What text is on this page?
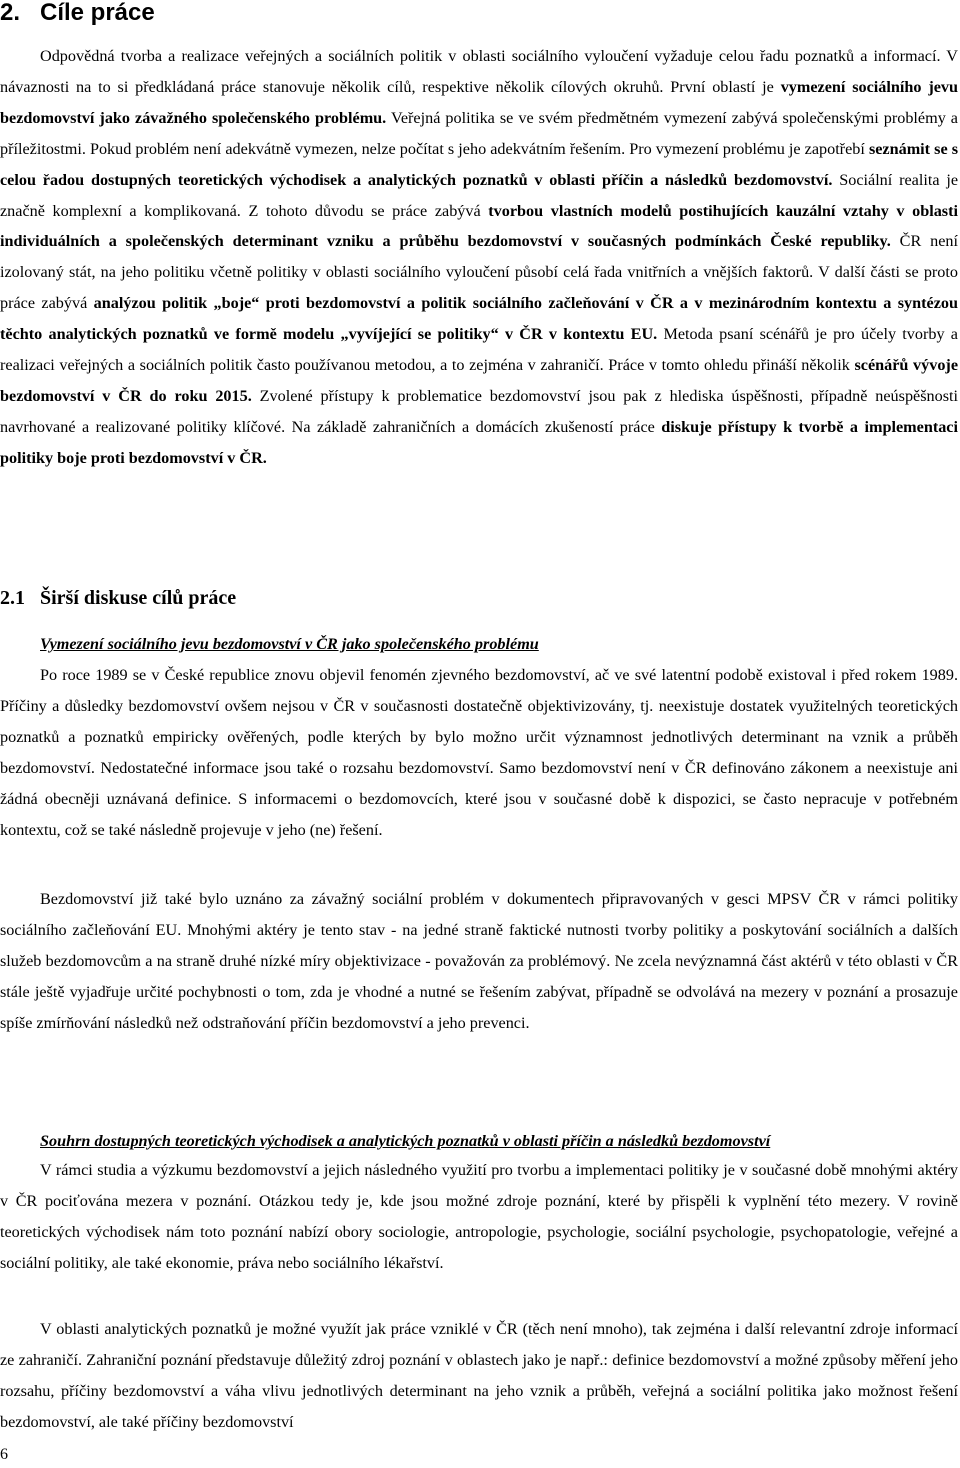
2. Cíle práce

Odpovědná tvorba a realizace veřejných a sociálních politik v oblasti sociálního vyloučení vyžaduje celou řadu poznatků a informací. V návaznosti na to si předkládaná práce stanovuje několik cílů, respektive několik cílových okruhů. První oblastí je vymezení sociálního jevu bezdomovství jako závažného společenského problému. Veřejná politika se ve svém předmětném vymezení zabývá společenskými problémy a příležitostmi. Pokud problém není adekvátně vymezen, nelze počítat s jeho adekvátním řešením. Pro vymezení problému je zapotřebí seznámit se s celou řadou dostupných teoretických východisek a analytických poznatků v oblasti příčin a následků bezdomovství. Sociální realita je značně komplexní a komplikovaná. Z tohoto důvodu se práce zabývá tvorbou vlastních modelů postihujících kauzální vztahy v oblasti individuálních a společenských determinant vzniku a průběhu bezdomovství v současných podmínkách České republiky. ČR není izolovaný stát, na jeho politiku včetně politiky v oblasti sociálního vyloučení působí celá řada vnitřních a vnějších faktorů. V další části se proto práce zabývá analýzou politik „boje“ proti bezdomovství a politik sociálního začleňování v ČR a v mezinárodním kontextu a syntézou těchto analytických poznatků ve formě modelu „vyvíjející se politiky“ v ČR v kontextu EU. Metoda psaní scénářů je pro účely tvorby a realizaci veřejných a sociálních politik často používanou metodou, a to zejména v zahraničí. Práce v tomto ohledu přináší několik scénářů vývoje bezdomovství v ČR do roku 2015. Zvolené přístupy k problematice bezdomovství jsou pak z hlediska úspěšnosti, případně neúspěšnosti navrhované a realizované politiky klíčové. Na základě zahraničních a domácích zkušeností práce diskuje přístupy k tvorbě a implementaci politiky boje proti bezdomovství v ČR.

2.1 Širší diskuse cílů práce

Vymezení sociálního jevu bezdomovství v ČR jako společenského problému

Po roce 1989 se v České republice znovu objevil fenomén zjevného bezdomovství, ač ve své latentní podobě existoval i před rokem 1989. Příčiny a důsledky bezdomovství ovšem nejsou v ČR v současnosti dostatečně objektivizovány, tj. neexistuje dostatek využitelných teoretických poznatků a poznatků empiricky ověřených, podle kterých by bylo možno určit významnost jednotlivých determinant na vznik a průběh bezdomovství. Nedostatečné informace jsou také o rozsahu bezdomovství. Samo bezdomovství není v ČR definováno zákonem a neexistuje ani žádná obecněji uznávaná definice. S informacemi o bezdomovcích, které jsou v současné době k dispozici, se často nepracuje v potřebném kontextu, což se také následně projevuje v jeho (ne) řešení.

Bezdomovství již také bylo uznáno za závažný sociální problém v dokumentech připravovaných v gesci MPSV ČR v rámci politiky sociálního začleňování EU. Mnohými aktéry je tento stav - na jedné straně faktické nutnosti tvorby politiky a poskytování sociálních a dalších služeb bezdomovcům a na straně druhé nízké míry objektivizace - považován za problémový. Ne zcela nevýznamná část aktérů v této oblasti v ČR stále ještě vyjadřuje určité pochybnosti o tom, zda je vhodné a nutné se řešením zabývat, případně se odvolává na mezery v poznání a prosazuje spíše zmírňování následků než odstraňování příčin bezdomovství a jeho prevenci.

Souhrn dostupných teoretických východisek a analytických poznatků v oblasti příčin a následků bezdomovství

V rámci studia a výzkumu bezdomovství a jejich následného využití pro tvorbu a implementaci politiky je v současné době mnohými aktéry v ČR pociťována mezera v poznání. Otázkou tedy je, kde jsou možné zdroje poznání, které by přispěli k vyplnění této mezery. V rovině teoretických východisek nám toto poznání nabízí obory sociologie, antropologie, psychologie, sociální psychologie, psychopatologie, veřejné a sociální politiky, ale také ekonomie, práva nebo sociálního lékařství.

V oblasti analytických poznatků je možné využít jak práce vzniklé v ČR (těch není mnoho), tak zejména i další relevantní zdroje informací ze zahraničí. Zahraniční poznání představuje důležitý zdroj poznání v oblastech jako je např.: definice bezdomovství a možné způsoby měření jeho rozsahu, příčiny bezdomovství a váha vlivu jednotlivých determinant na jeho vznik a průběh, veřejná a sociální politika jako možnost řešení bezdomovství, ale také příčiny bezdomovství

6
